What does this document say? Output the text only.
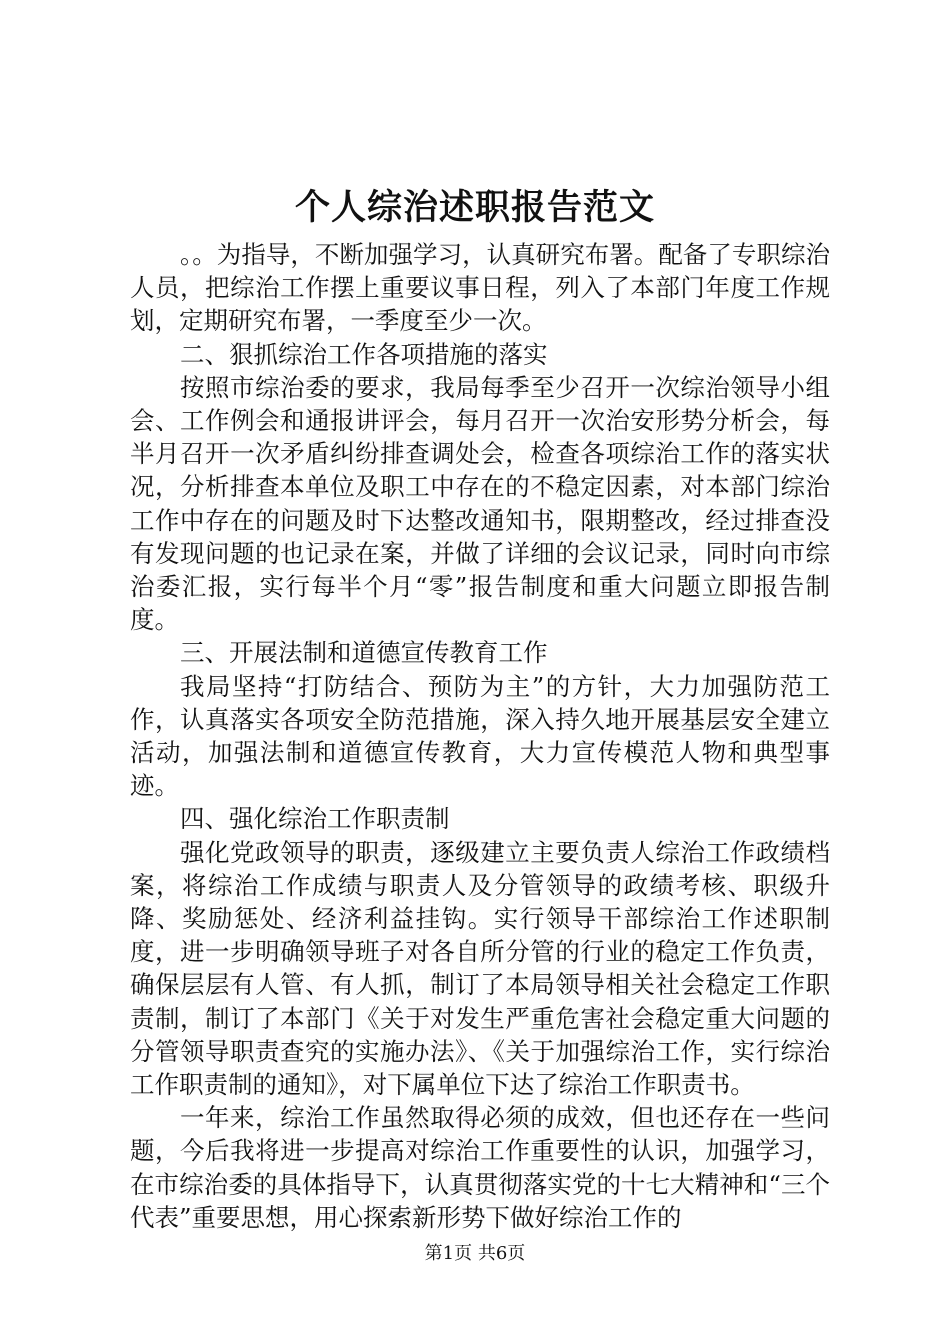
个人综治述职报告范文

。。为指导，不断加强学习，认真研究布署。配备了专职综治人员，把综治工作摆上重要议事日程，列入了本部门年度工作规划，定期研究布署，一季度至少一次。

二、狠抓综治工作各项措施的落实

按照市综治委的要求，我局每季至少召开一次综治领导小组会、工作例会和通报讲评会，每月召开一次治安形势分析会，每半月召开一次矛盾纠纷排查调处会，检查各项综治工作的落实状况，分析排查本单位及职工中存在的不稳定因素，对本部门综治工作中存在的问题及时下达整改通知书，限期整改，经过排查没有发现问题的也记录在案，并做了详细的会议记录，同时向市综治委汇报，实行每半个月“零”报告制度和重大问题立即报告制度。

三、开展法制和道德宣传教育工作

我局坚持“打防结合、预防为主”的方针，大力加强防范工作，认真落实各项安全防范措施，深入持久地开展基层安全建立活动，加强法制和道德宣传教育，大力宣传模范人物和典型事迹。

四、强化综治工作职责制

强化党政领导的职责，逐级建立主要负责人综治工作政绩档案，将综治工作成绩与职责人及分管领导的政绩考核、职级升降、奖励惩处、经济利益挂钩。实行领导干部综治工作述职制度，进一步明确领导班子对各自所分管的行业的稳定工作负责，确保层层有人管、有人抓，制订了本局领导相关社会稳定工作职责制，制订了本部门《关于对发生严重危害社会稳定重大问题的分管领导职责查究的实施办法》、《关于加强综治工作，实行综治工作职责制的通知》，对下属单位下达了综治工作职责书。

一年来，综治工作虽然取得必须的成效，但也还存在一些问题，今后我将进一步提高对综治工作重要性的认识，加强学习，在市综治委的具体指导下，认真贯彻落实党的十七大精神和“三个代表”重要思想，用心探索新形势下做好综治工作的

第1页 共6页
